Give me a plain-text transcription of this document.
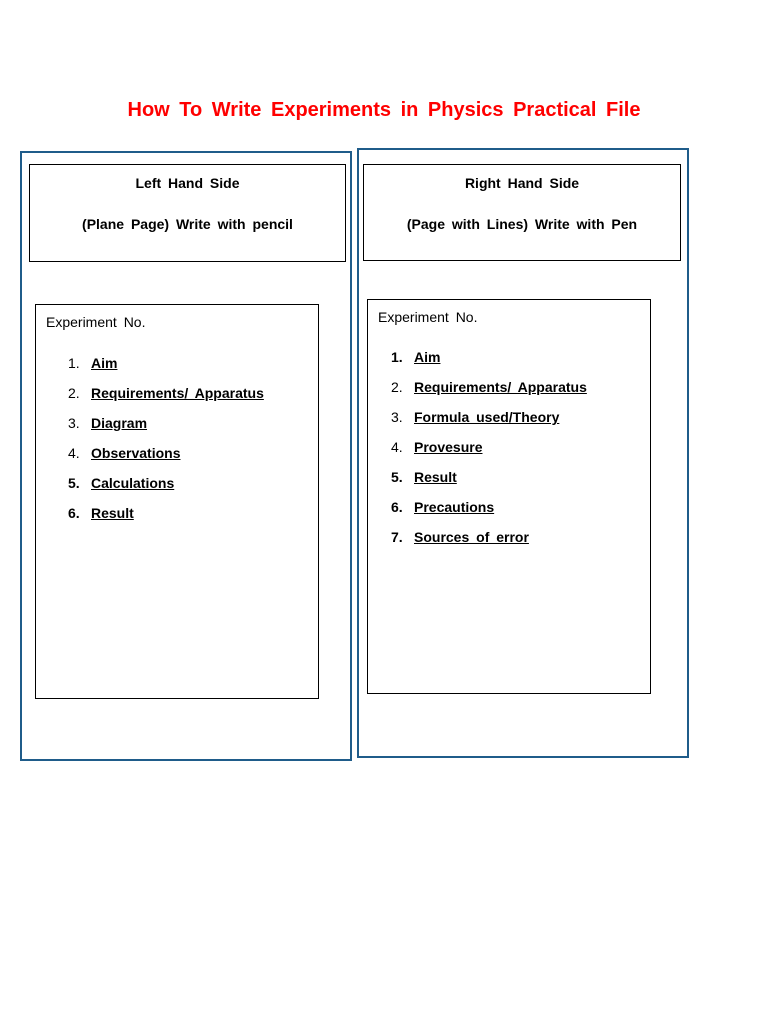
How To Write Experiments in Physics Practical File
Left Hand Side
(Plane Page) Write with pencil
Experiment No.
1. Aim
2. Requirements/ Apparatus
3. Diagram
4. Observations
5. Calculations
6. Result
Right Hand Side
(Page with Lines) Write with Pen
Experiment No.
1. Aim
2. Requirements/ Apparatus
3. Formula used/Theory
4. Provesure
5. Result
6. Precautions
7. Sources of error
